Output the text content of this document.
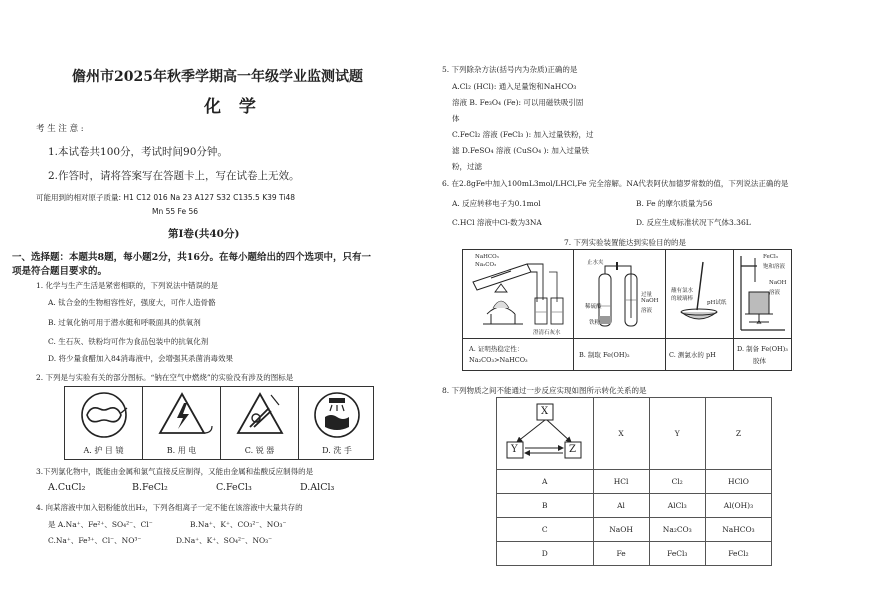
儋州市2025年秋季学期高一年级学业监测试题
化 学
考 生 注 意 :
1.本试卷共100分，考试时间90分钟。
2.作答时，请将答案写在答题卡上，写在试卷上无效。
可能用到的相对原子质量: H1 C12 016 Na 23 A127 S32 C135.5 K39 Ti48
Mn 55 Fe 56
第Ⅰ卷(共40分)
一、选择题：本题共8题，每小题2分，共16分。在每小题给出的四个选项中，只有一
项是符合题目要求的。
1. 化学与生产生活是紧密相联的，下列说法中错误的是
A. 钛合金的生物相容性好，强度大，可作人造骨骼
B. 过氧化钠可用于潜水艇和呼吸面具的供氧剂
C. 生石灰、铁粉均可作为食品包装中的抗氧化剂
D. 将少量食醋加入84消毒液中，会增强其杀菌消毒效果
2. 下列是与实验有关的部分图标。“钠在空气中燃烧”的实验没有涉及的图标是
A. 护 目 镜	B. 用 电	C. 锐 器	D. 洗 手
3.下列氯化物中，既能由金属和氯气直接反应制得，又能由金属和盐酸反应制得的是
A.CuCl₂	B.FeCl₂	C.FeCl₃	D.AlCl₃
4. 向某溶液中加入铝粉能放出H₂，下列各组离子一定不能在该溶液中大量共存的
是 A.Na⁺、Fe²⁺、SO₄²⁻、Cl⁻	B.Na⁺、K⁺、CO₃²⁻、NO₃⁻
C.Na⁺、Fe³⁺、Cl⁻、NO³⁻	D.Na⁺、K⁺、SO₄²⁻、NO₃⁻
5. 下列除杂方法(括号内为杂质)正确的是
A.Cl₂ (HCl): 通入足量饱和NaHCO₃
溶液 B. Fe₃O₄ (Fe): 可以用磁铁吸引固
体
C.FeCl₂ 溶液 (FeCl₃ ): 加入过量铁粉，过
滤 D.FeSO₄ 溶液 (CuSO₄ ): 加入过量铁
粉，过滤
6. 在2.8gFe中加入100mL3mol/LHCl,Fe 完全溶解。NA代表阿伏加德罗常数的值，下列说法正确的是
A. 反应转移电子为0.1mol	B. Fe 的摩尔质量为56
C.HCl 溶液中Cl-数为3NA	D. 反应生成标准状况下气体3.36L
7. 下列实验装置能达到实验目的的是
NaHCO₃
Na₂CO₃
澄清石灰水
止水夹
稀硫酸
铁粉
NaOH
溶液
过量
蘸有氯水
的玻璃棒
pH试纸
FeCl₃
饱和溶液
NaOH
溶液
A. 证明热稳定性：
Na₂CO₃>NaHCO₃
B. 制取 Fe(OH)₂	C. 测氯水的 pH
D. 制备 Fe(OH)₃
胶体
8. 下列物质之间不能通过一步反应实现如图所示转化关系的是
X
Y Z	X	Y	Z
A	HCl	Cl₂	HClO
B	Al	AlCl₃	Al(OH)₃
C	NaOH	Na₂CO₃	NaHCO₃
D	Fe	FeCl₃	FeCl₂
